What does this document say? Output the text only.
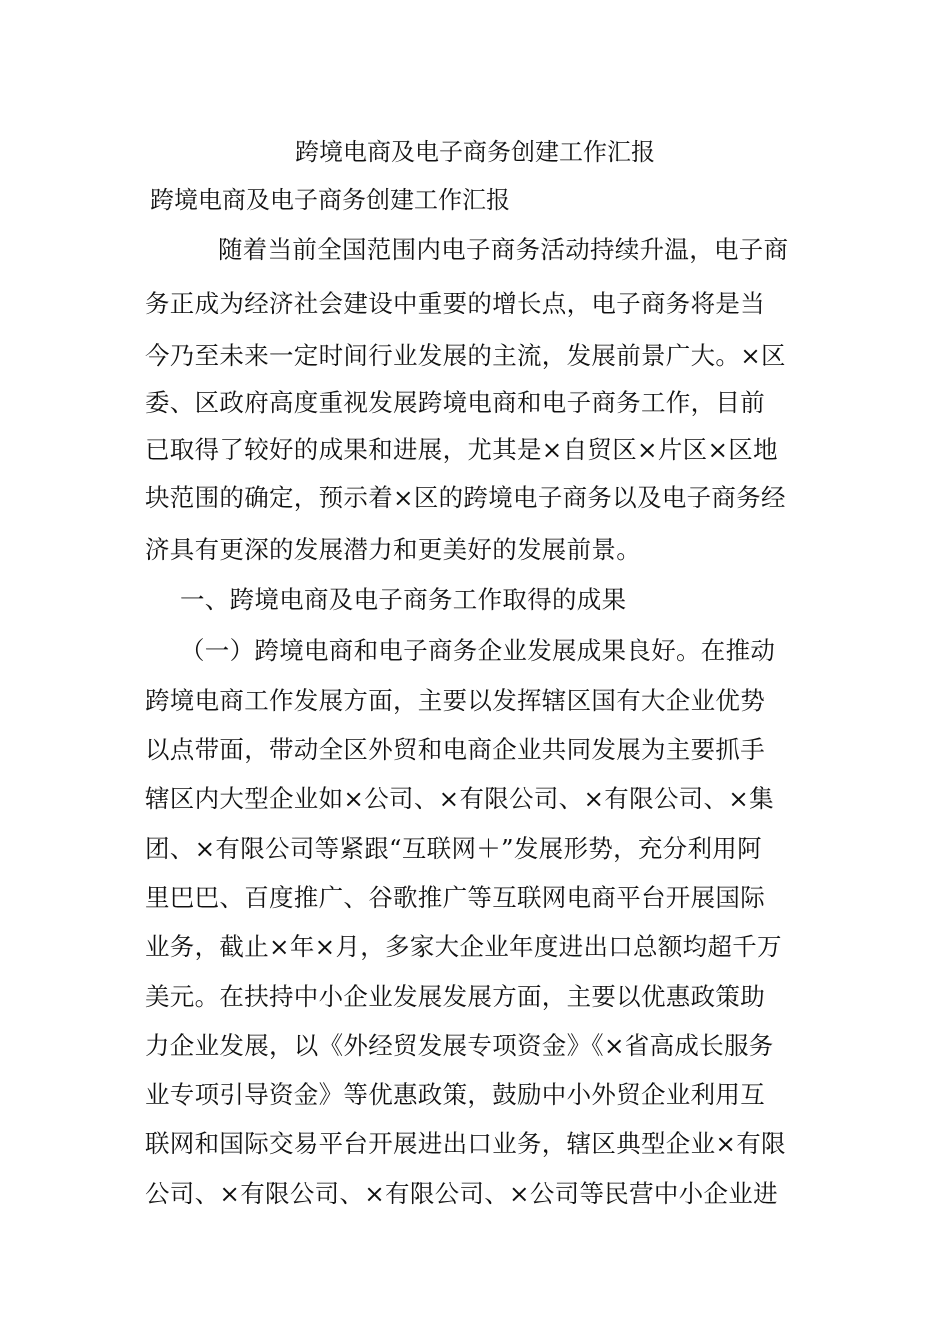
跨境电商及电子商务创建工作汇报
跨境电商及电子商务创建工作汇报
随着当前全国范围内电子商务活动持续升温，电子商
务正成为经济社会建设中重要的增长点，电子商务将是当
今乃至未来一定时间行业发展的主流，发展前景广大。×区
委、区政府高度重视发展跨境电商和电子商务工作，目前
已取得了较好的成果和进展，尤其是×自贸区×片区×区地
块范围的确定，预示着×区的跨境电子商务以及电子商务经
济具有更深的发展潜力和更美好的发展前景。
一、跨境电商及电子商务工作取得的成果
（一）跨境电商和电子商务企业发展成果良好。在推动
跨境电商工作发展方面，主要以发挥辖区国有大企业优势
以点带面，带动全区外贸和电商企业共同发展为主要抓手
辖区内大型企业如×公司、×有限公司、×有限公司、×集
团、×有限公司等紧跟“互联网＋”发展形势，充分利用阿
里巴巴、百度推广、谷歌推广等互联网电商平台开展国际
业务，截止×年×月，多家大企业年度进出口总额均超千万
美元。在扶持中小企业发展发展方面，主要以优惠政策助
力企业发展，以《外经贸发展专项资金》《×省高成长服务
业专项引导资金》等优惠政策，鼓励中小外贸企业利用互
联网和国际交易平台开展进出口业务，辖区典型企业×有限
公司、×有限公司、×有限公司、×公司等民营中小企业进
